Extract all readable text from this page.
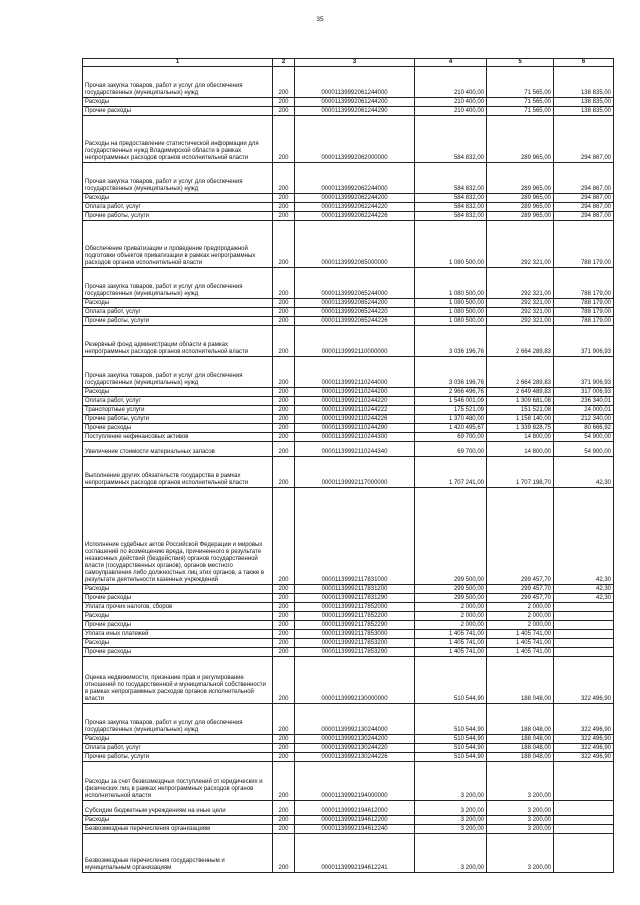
35
1	2	3	4	5	6
Прочая закупка товаров, работ и услуг для обеспечения государственных (муниципальных) нужд	200	00001139992061244000	210 400,00	71 565,00	138 835,00
Расходы	200	00001139992061244200	210 400,00	71 565,00	138 835,00
Прочие расходы	200	00001139992061244290	210 400,00	71 565,00	138 835,00
Расходы на предоставление статистической информации для государственных нужд Владимирской области в рамках непрограммных расходов органов исполнительной власти	200	00001139992062000000	584 832,00	289 965,00	294 867,00
Прочая закупка товаров, работ и услуг для обеспечения государственных (муниципальных) нужд	200	00001139992062244000	584 832,00	289 965,00	294 867,00
Расходы	200	00001139992062244200	584 832,00	289 965,00	294 867,00
Оплата работ, услуг	200	00001139992062244220	584 832,00	289 965,00	294 867,00
Прочие работы, услуги	200	00001139992062244226	584 832,00	289 965,00	294 867,00
Обеспечение приватизации и проведение предпродажной подготовки объектов приватизации в рамках непрограммных расходов органов исполнительной власти	200	00001139992065000000	1 080 500,00	292 321,00	788 179,00
Прочая закупка товаров, работ и услуг для обеспечения государственных (муниципальных) нужд	200	00001139992065244000	1 080 500,00	292 321,00	788 179,00
Расходы	200	00001139992065244200	1 080 500,00	292 321,00	788 179,00
Оплата работ, услуг	200	00001139992065244220	1 080 500,00	292 321,00	788 179,00
Прочие работы, услуги	200	00001139992065244226	1 080 500,00	292 321,00	788 179,00
Резервный фонд администрации области в рамках непрограммных расходов органов исполнительной власти	200	00001139992110000000	3 036 196,76	2 664 289,83	371 906,93
Прочая закупка товаров, работ и услуг для обеспечения государственных (муниципальных) нужд	200	00001139992110244000	3 036 196,76	2 664 289,83	371 906,93
Расходы	200	00001139992110244200	2 966 496,76	2 649 489,83	317 006,93
Оплата работ, услуг	200	00001139992110244220	1 546 001,09	1 309 681,08	236 340,01
Транспортные услуги	200	00001139992110244222	175 521,09	151 521,08	24 000,01
Прочие работы, услуги	200	00001139992110244226	1 370 480,00	1 158 140,00	212 340,00
Прочие расходы	200	00001139992110244290	1 420 495,67	1 339 828,75	80 666,92
Поступление нефинансовых активов	200	00001139992110244300	69 700,00	14 800,00	54 900,00
Увеличение стоимости материальных запасов	200	00001139992110244340	69 700,00	14 800,00	54 900,00
Выполнение других обязательств государства в рамках непрограммных расходов органов исполнительной власти	200	00001139992117000000	1 707 241,00	1 707 198,70	42,30
Исполнение судебных актов Российской Федерации и мировых соглашений по возмещению вреда, причиненного в результате незаконных действий (бездействия) органов государственной власти (государственных органов), органов местного самоуправления либо должностных лиц этих органов, а также в результате деятельности казенных учреждений	200	00001139992117831000	299 500,00	299 457,70	42,30
Расходы	200	00001139992117831200	299 500,00	299 457,70	42,30
Прочие расходы	200	00001139992117831290	299 500,00	299 457,70	42,30
Уплата прочих налогов, сборов	200	00001139992117852000	2 000,00	2 000,00	
Расходы	200	00001139992117852200	2 000,00	2 000,00	
Прочие расходы	200	00001139992117852290	2 000,00	2 000,00	
Уплата иных платежей	200	00001139992117853000	1 405 741,00	1 405 741,00	
Расходы	200	00001139992117853200	1 405 741,00	1 405 741,00	
Прочие расходы	200	00001139992117853290	1 405 741,00	1 405 741,00	
Оценка недвижимости, признание прав и регулирование отношений по государственной и муниципальной собственности в рамках непрограммных расходов органов исполнительной власти	200	00001139992130000000	510 544,90	188 048,00	322 496,90
Прочая закупка товаров, работ и услуг для обеспечения государственных (муниципальных) нужд	200	00001139992130244000	510 544,90	188 048,00	322 496,90
Расходы	200	00001139992130244200	510 544,90	188 048,00	322 496,90
Оплата работ, услуг	200	00001139992130244220	510 544,90	188 048,00	322 496,90
Прочие работы, услуги	200	00001139992130244226	510 544,90	188 048,00	322 496,90
Расходы за счет безвозмездных поступлений от юридических и физических лиц в рамках непрограммных расходов органов исполнительной власти	200	00001139992194000000	3 200,00	3 200,00	
Субсидии бюджетным учреждениям на иные цели	200	00001139992194612000	3 200,00	3 200,00	
Расходы	200	00001139992194612200	3 200,00	3 200,00	
Безвозмездные перечисления организациям	200	00001139992194612240	3 200,00	3 200,00	
Безвозмездные перечисления государственным и муниципальным организациям	200	00001139992194612241	3 200,00	3 200,00	
